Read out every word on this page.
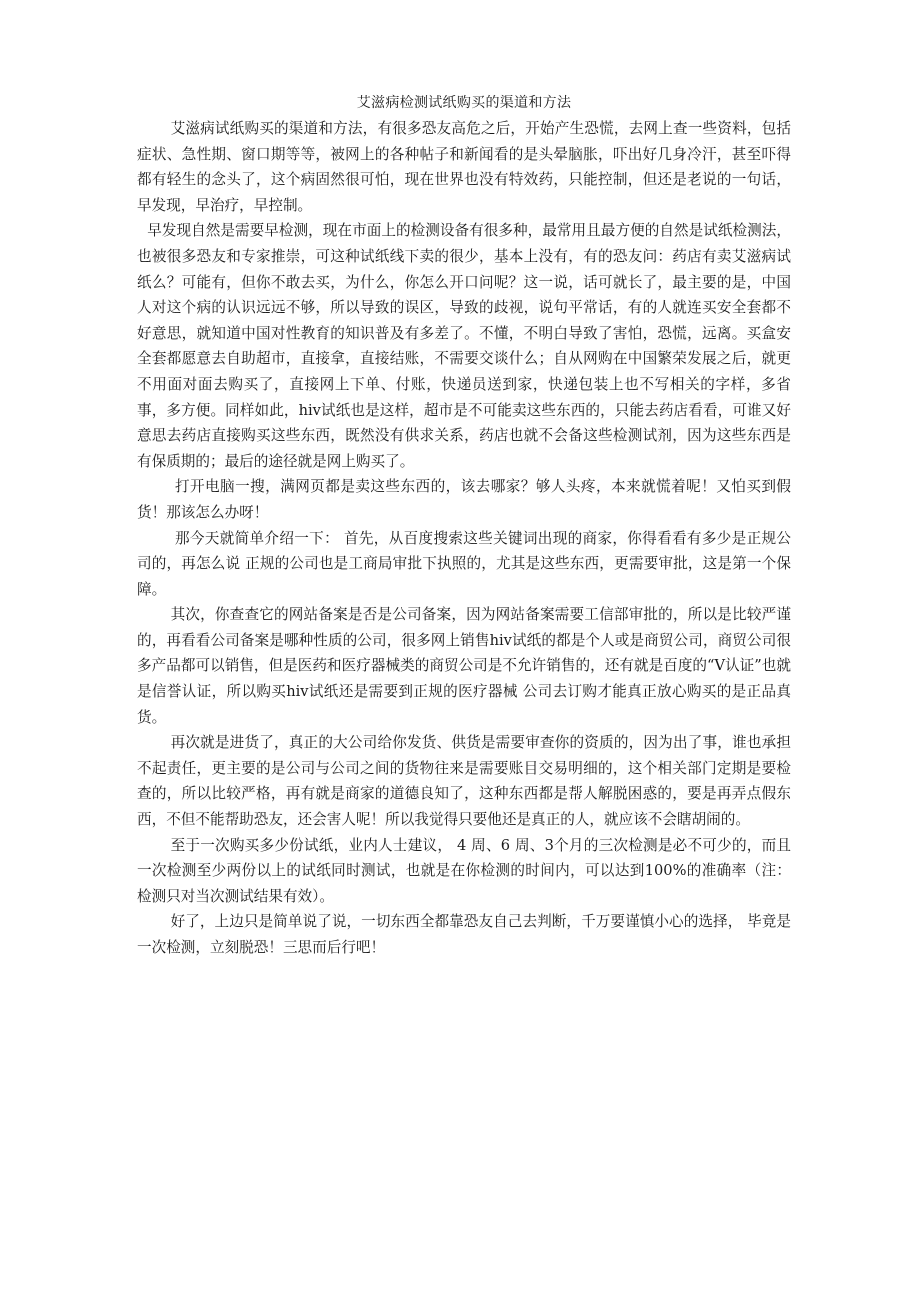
艾滋病检测试纸购买的渠道和方法

艾滋病试纸购买的渠道和方法，有很多恐友高危之后，开始产生恐慌，去网上查一些资料，包括症状、急性期、窗口期等等，被网上的各种帖子和新闻看的是头晕脑胀，吓出好几身冷汗，甚至吓得都有轻生的念头了，这个病固然很可怕，现在世界也没有特效药，只能控制，但还是老说的一句话，早发现，早治疗，早控制。

早发现自然是需要早检测，现在市面上的检测设备有很多种，最常用且最方便的自然是试纸检测法，也被很多恐友和专家推崇，可这种试纸线下卖的很少，基本上没有，有的恐友问：药店有卖艾滋病试纸么？可能有，但你不敢去买，为什么，你怎么开口问呢？这一说，话可就长了，最主要的是，中国人对这个病的认识远远不够，所以导致的误区，导致的歧视，说句平常话，有的人就连买安全套都不好意思，就知道中国对性教育的知识普及有多差了。不懂，不明白导致了害怕，恐慌，远离。买盒安全套都愿意去自助超市，直接拿，直接结账，不需要交谈什么；自从网购在中国繁荣发展之后，就更不用面对面去购买了，直接网上下单、付账，快递员送到家，快递包装上也不写相关的字样，多省事，多方便。同样如此，hiv试纸也是这样，超市是不可能卖这些东西的，只能去药店看看，可谁又好意思去药店直接购买这些东西，既然没有供求关系，药店也就不会备这些检测试剂，因为这些东西是有保质期的；最后的途径就是网上购买了。

打开电脑一搜，满网页都是卖这些东西的，该去哪家？够人头疼，本来就慌着呢！又怕买到假货！那该怎么办呀！

那今天就简单介绍一下： 首先，从百度搜索这些关键词出现的商家，你得看看有多少是正规公司的，再怎么说 正规的公司也是工商局审批下执照的，尤其是这些东西，更需要审批，这是第一个保障。

其次，你查查它的网站备案是否是公司备案，因为网站备案需要工信部审批的，所以是比较严谨的，再看看公司备案是哪种性质的公司，很多网上销售hiv试纸的都是个人或是商贸公司，商贸公司很多产品都可以销售，但是医药和医疗器械类的商贸公司是不允许销售的，还有就是百度的“V认证”也就是信誉认证，所以购买hiv试纸还是需要到正规的医疗器械 公司去订购才能真正放心购买的是正品真货。

再次就是进货了，真正的大公司给你发货、供货是需要审查你的资质的，因为出了事，谁也承担不起责任，更主要的是公司与公司之间的货物往来是需要账目交易明细的，这个相关部门定期是要检查的，所以比较严格，再有就是商家的道德良知了，这种东西都是帮人解脱困惑的，要是再弄点假东西，不但不能帮助恐友，还会害人呢！所以我觉得只要他还是真正的人，就应该不会瞎胡闹的。

至于一次购买多少份试纸，业内人士建议， 4 周、6 周、3个月的三次检测是必不可少的，而且一次检测至少两份以上的试纸同时测试，也就是在你检测的时间内，可以达到100%的准确率（注：检测只对当次测试结果有效）。

好了，上边只是简单说了说，一切东西全都靠恐友自己去判断，千万要谨慎小心的选择， 毕竟是一次检测，立刻脱恐！三思而后行吧！
